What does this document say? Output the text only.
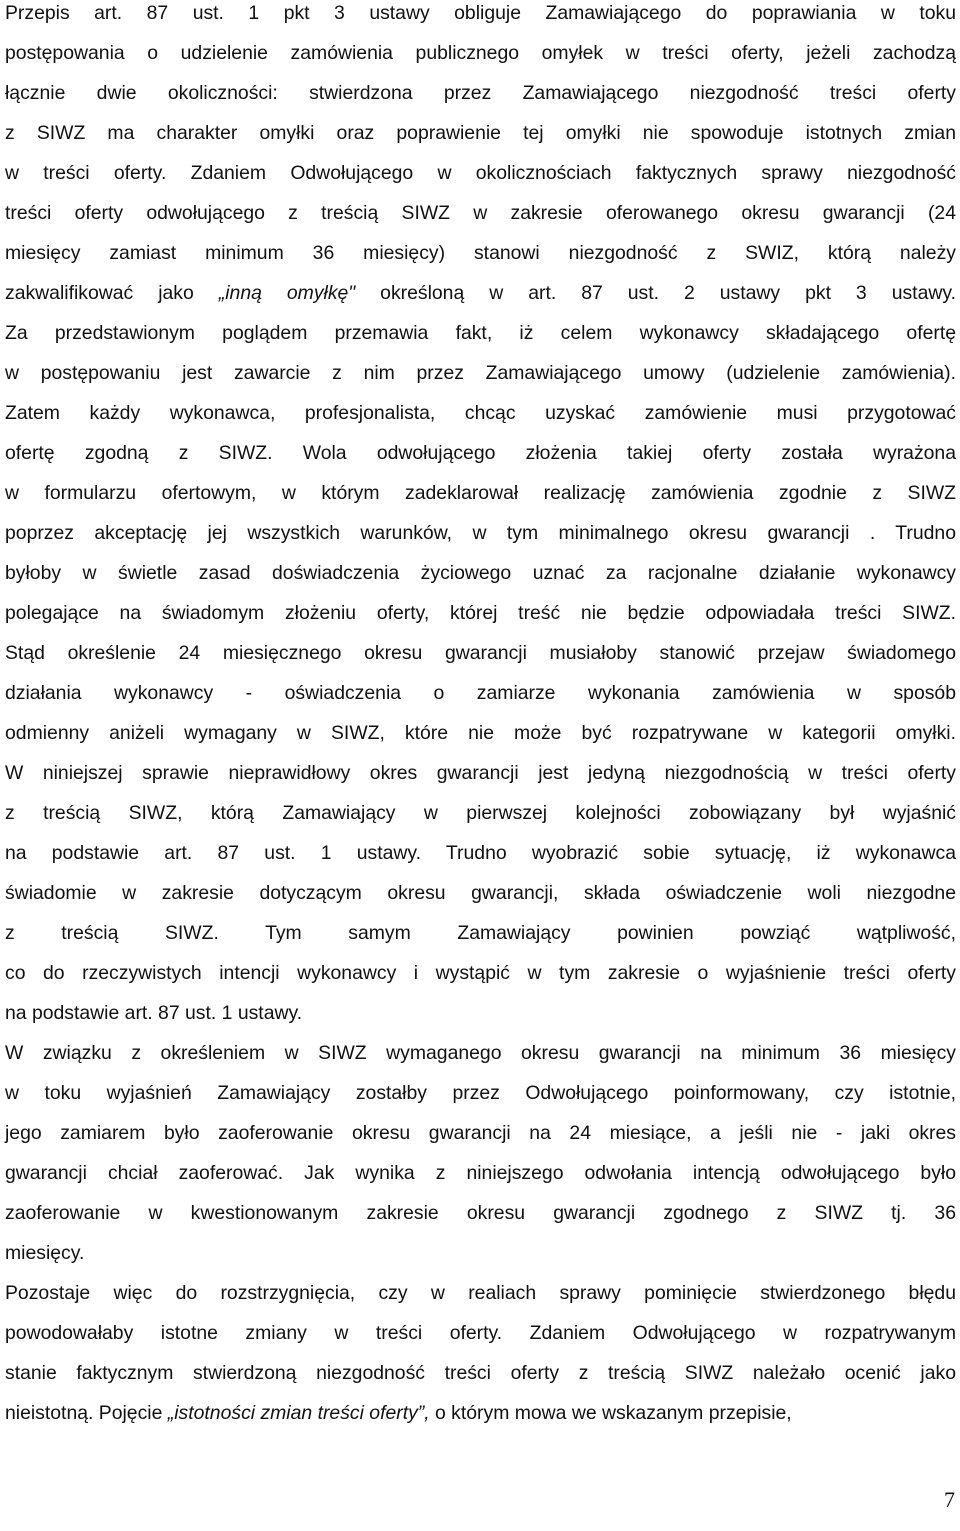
Przepis art. 87 ust. 1 pkt 3 ustawy obliguje Zamawiającego do poprawiania w toku
postępowania o udzielenie zamówienia publicznego omyłek w treści oferty, jeżeli zachodzą
łącznie dwie okoliczności: stwierdzona przez Zamawiającego niezgodność treści oferty
z SIWZ ma charakter omyłki oraz poprawienie tej omyłki nie spowoduje istotnych zmian
w treści oferty. Zdaniem Odwołującego w okolicznościach faktycznych sprawy niezgodność
treści oferty odwołującego z treścią SIWZ w zakresie oferowanego okresu gwarancji (24
miesięcy zamiast minimum 36 miesięcy) stanowi niezgodność z SWIZ, którą należy
zakwalifikować jako „inną omyłkę" określoną w art. 87 ust. 2 ustawy pkt 3 ustawy.
Za przedstawionym poglądem przemawia fakt, iż celem wykonawcy składającego ofertę
w postępowaniu jest zawarcie z nim przez Zamawiającego umowy (udzielenie zamówienia).
Zatem każdy wykonawca, profesjonalista, chcąc uzyskać zamówienie musi przygotować
ofertę zgodną z SIWZ. Wola odwołującego złożenia takiej oferty została wyrażona
w formularzu ofertowym, w którym zadeklarował realizację zamówienia zgodnie z SIWZ
poprzez akceptację jej wszystkich warunków, w tym minimalnego okresu gwarancji . Trudno
byłoby w świetle zasad doświadczenia życiowego uznać za racjonalne działanie wykonawcy
polegające na świadomym złożeniu oferty, której treść nie będzie odpowiadała treści SIWZ.
Stąd określenie 24 miesięcznego okresu gwarancji musiałoby stanowić przejaw świadomego
działania wykonawcy - oświadczenia o zamiarze wykonania zamówienia w sposób
odmienny aniżeli wymagany w SIWZ, które nie może być rozpatrywane w kategorii omyłki.
W niniejszej sprawie nieprawidłowy okres gwarancji jest jedyną niezgodnością w treści oferty
z treścią SIWZ, którą Zamawiający w pierwszej kolejności zobowiązany był wyjaśnić
na podstawie art. 87 ust. 1 ustawy. Trudno wyobrazić sobie sytuację, iż wykonawca
świadomie w zakresie dotyczącym okresu gwarancji, składa oświadczenie woli niezgodne
z treścią SIWZ. Tym samym Zamawiający powinien powziąć wątpliwość,
co do rzeczywistych intencji wykonawcy i wystąpić w tym zakresie o wyjaśnienie treści oferty
na podstawie art. 87 ust. 1 ustawy.

W związku z określeniem w SIWZ wymaganego okresu gwarancji na minimum 36 miesięcy
w toku wyjaśnień Zamawiający zostałby przez Odwołującego poinformowany, czy istotnie,
jego zamiarem było zaoferowanie okresu gwarancji na 24 miesiące, a jeśli nie - jaki okres
gwarancji chciał zaoferować. Jak wynika z niniejszego odwołania intencją odwołującego było
zaoferowanie w kwestionowanym zakresie okresu gwarancji zgodnego z SIWZ tj. 36
miesięcy.

Pozostaje więc do rozstrzygnięcia, czy w realiach sprawy pominięcie stwierdzonego błędu
powodowałaby istotne zmiany w treści oferty. Zdaniem Odwołującego w rozpatrywanym
stanie faktycznym stwierdzoną niezgodność treści oferty z treścią SIWZ należało ocenić jako
nieistotną. Pojęcie „istotności zmian treści oferty”, o którym mowa we wskazanym przepisie,

7
